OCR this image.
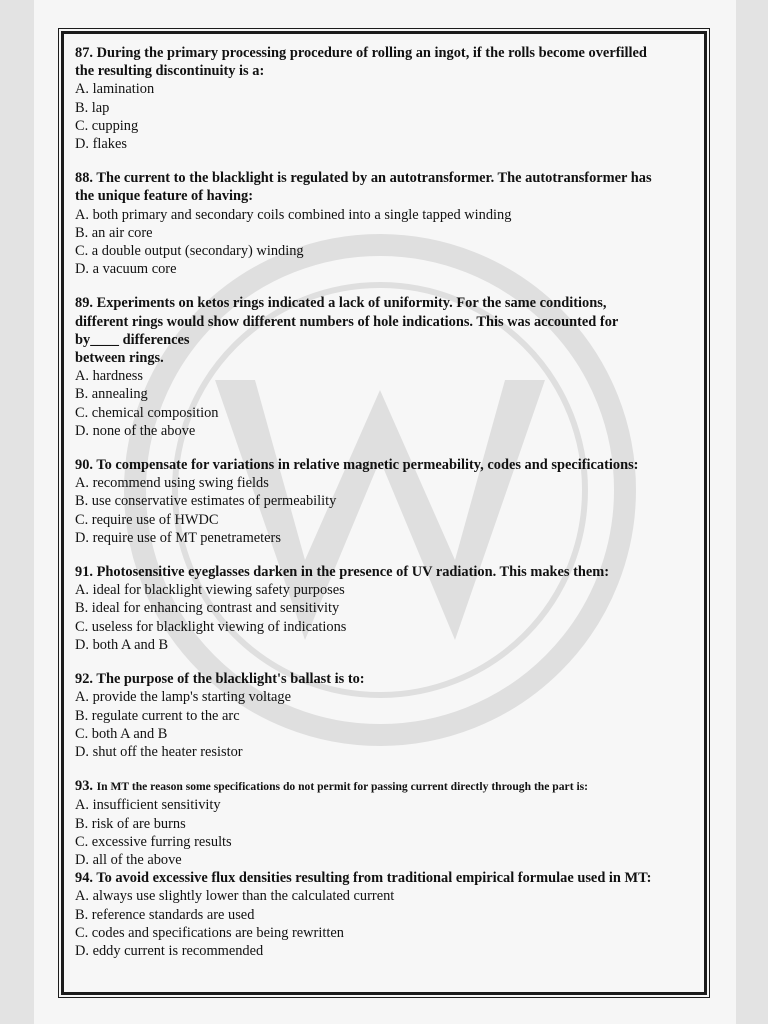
87. During the primary processing procedure of rolling an ingot, if the rolls become overfilled
the resulting discontinuity is a:
A. lamination
B. lap
C. cupping
D. flakes
88. The current to the blacklight is regulated by an autotransformer. The autotransformer has
the unique feature of having:
A. both primary and secondary coils combined into a single tapped winding
B. an air core
C. a double output (secondary) winding
D. a vacuum core
89. Experiments on ketos rings indicated a lack of uniformity. For the same conditions,
different rings would show different numbers of hole indications. This was accounted for
by____ differences
between rings.
A. hardness
B. annealing
C. chemical composition
D. none of the above
90. To compensate for variations in relative magnetic permeability, codes and specifications:
A. recommend using swing fields
B. use conservative estimates of permeability
C. require use of HWDC
D. require use of MT penetrameters
91. Photosensitive eyeglasses darken in the presence of UV radiation. This makes them:
A. ideal for blacklight viewing safety purposes
B. ideal for enhancing contrast and sensitivity
C. useless for blacklight viewing of indications
D. both A and B
92. The purpose of the blacklight's ballast is to:
A. provide the lamp's starting voltage
B. regulate current to the arc
C. both A and B
D. shut off the heater resistor
93. In MT the reason some specifications do not permit for passing current directly through the part is:
A. insufficient sensitivity
B. risk of are burns
C. excessive furring results
D. all of the above
94. To avoid excessive flux densities resulting from traditional empirical formulae used in MT:
A. always use slightly lower than the calculated current
B. reference standards are used
C. codes and specifications are being rewritten
D. eddy current is recommended
